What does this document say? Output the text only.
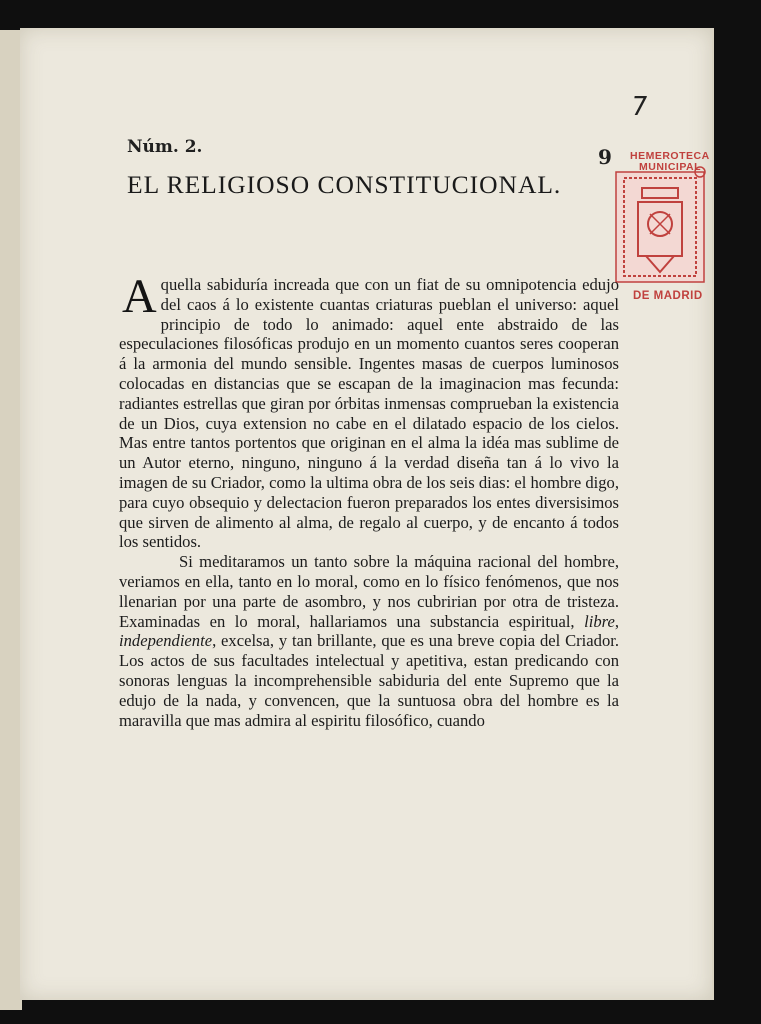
7
Núm. 2.	9
EL RELIGIOSO CONSTITUCIONAL.
HEMEROTECA
MUNICIPAL
DE MADRID

Aquella sabiduría increada que con un fiat de su omnipotencia edujo del caos á lo existente cuantas criaturas pueblan el universo: aquel principio de todo lo animado: aquel ente abstraido de las especulaciones filosóficas produjo en un momento cuantos seres cooperan á la armonia del mundo sensible. Ingentes masas de cuerpos luminosos colocadas en distancias que se escapan de la imaginacion mas fecunda: radiantes estrellas que giran por órbitas inmensas comprueban la existencia de un Dios, cuya extension no cabe en el dilatado espacio de los cielos. Mas entre tantos portentos que originan en el alma la idéa mas sublime de un Autor eterno, ninguno, ninguno á la verdad diseña tan á lo vivo la imagen de su Criador, como la ultima obra de los seis dias: el hombre digo, para cuyo obsequio y delectacion fueron preparados los entes diversisimos que sirven de alimento al alma, de regalo al cuerpo, y de encanto á todos los sentidos.

Si meditaramos un tanto sobre la máquina racional del hombre, veriamos en ella, tanto en lo moral, como en lo físico fenómenos, que nos llenarian por una parte de asombro, y nos cubririan por otra de tristeza. Examinadas en lo moral, hallariamos una substancia espiritual, libre, independiente, excelsa, y tan brillante, que es una breve copia del Criador. Los actos de sus facultades intelectual y apetitiva, estan predicando con sonoras lenguas la incomprehensible sabiduria del ente Supremo que la edujo de la nada, y convencen, que la suntuosa obra del hombre es la maravilla que mas admira al espiritu filosófico, cuando
